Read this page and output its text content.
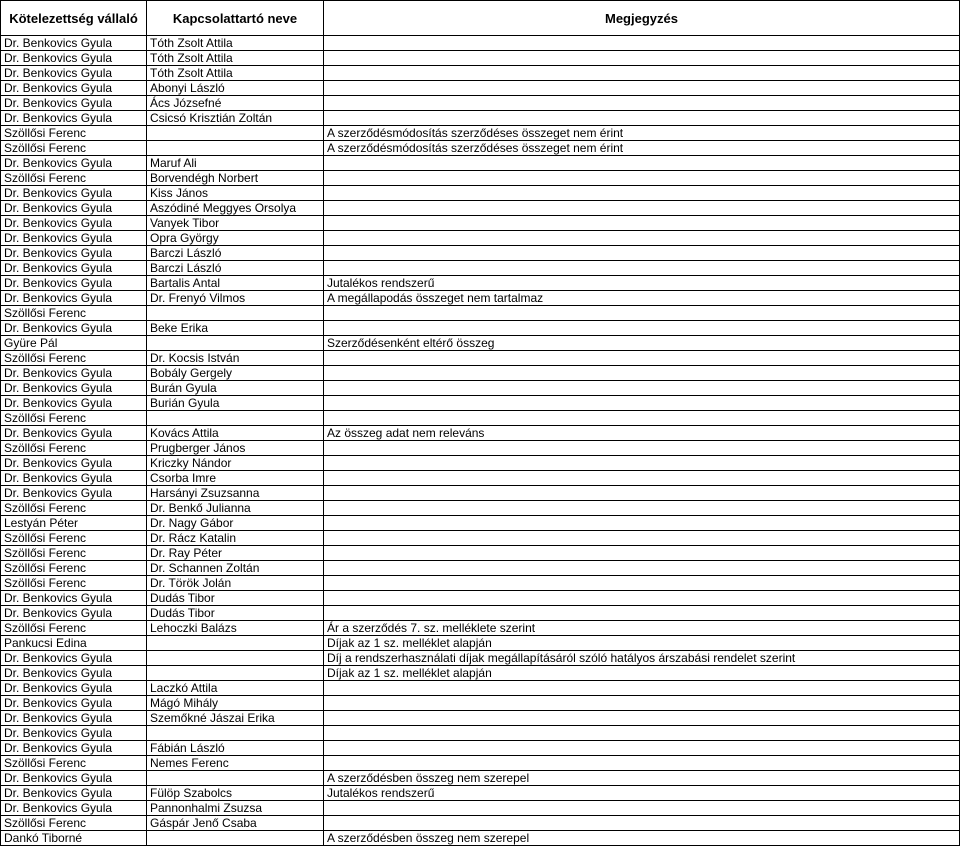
Kötelezettség vállaló	Kapcsolattartó neve	Megjegyzés
Dr. Benkovics Gyula	Tóth Zsolt Attila	
Dr. Benkovics Gyula	Tóth Zsolt Attila	
Dr. Benkovics Gyula	Tóth Zsolt Attila	
Dr. Benkovics Gyula	Abonyi László	
Dr. Benkovics Gyula	Ács Józsefné	
Dr. Benkovics Gyula	Csicsó Krisztián Zoltán	
Szöllősi Ferenc		A szerződésmódosítás szerződéses összeget nem érint
Szöllősi Ferenc		A szerződésmódosítás szerződéses összeget nem érint
Dr. Benkovics Gyula	Maruf Ali	
Szöllősi Ferenc	Borvendégh Norbert	
Dr. Benkovics Gyula	Kiss János	
Dr. Benkovics Gyula	Aszódiné Meggyes Orsolya	
Dr. Benkovics Gyula	Vanyek Tibor	
Dr. Benkovics Gyula	Opra György	
Dr. Benkovics Gyula	Barczi László	
Dr. Benkovics Gyula	Barczi László	
Dr. Benkovics Gyula	Bartalis Antal	Jutalékos rendszerű
Dr. Benkovics Gyula	Dr. Frenyó Vilmos	A megállapodás összeget nem tartalmaz
Szöllősi Ferenc		
Dr. Benkovics Gyula	Beke Erika	
Gyüre Pál		Szerződésenként eltérő összeg
Szöllősi Ferenc	Dr. Kocsis István	
Dr. Benkovics Gyula	Bobály Gergely	
Dr. Benkovics Gyula	Burán Gyula	
Dr. Benkovics Gyula	Burián Gyula	
Szöllősi Ferenc		
Dr. Benkovics Gyula	Kovács Attila	Az összeg adat nem releváns
Szöllősi Ferenc	Prugberger János	
Dr. Benkovics Gyula	Kriczky Nándor	
Dr. Benkovics Gyula	Csorba Imre	
Dr. Benkovics Gyula	Harsányi Zsuzsanna	
Szöllősi Ferenc	Dr. Benkő Julianna	
Lestyán Péter	Dr. Nagy Gábor	
Szöllősi Ferenc	Dr. Rácz Katalin	
Szöllősi Ferenc	Dr. Ray Péter	
Szöllősi Ferenc	Dr. Schannen Zoltán	
Szöllősi Ferenc	Dr. Török Jolán	
Dr. Benkovics Gyula	Dudás Tibor	
Dr. Benkovics Gyula	Dudás Tibor	
Szöllősi Ferenc	Lehoczki Balázs	Ár a szerződés 7. sz. melléklete szerint
Pankucsi Edina		Díjak az 1 sz. melléklet alapján
Dr. Benkovics Gyula		Díj a rendszerhasználati díjak megállapításáról szóló hatályos árszabási rendelet szerint
Dr. Benkovics Gyula		Díjak az 1 sz. melléklet alapján
Dr. Benkovics Gyula	Laczkó Attila	
Dr. Benkovics Gyula	Mágó Mihály	
Dr. Benkovics Gyula	Szemőkné Jászai Erika	
Dr. Benkovics Gyula		
Dr. Benkovics Gyula	Fábián László	
Szöllősi Ferenc	Nemes Ferenc	
Dr. Benkovics Gyula		A szerződésben összeg nem szerepel
Dr. Benkovics Gyula	Fülöp Szabolcs	Jutalékos rendszerű
Dr. Benkovics Gyula	Pannonhalmi Zsuzsa	
Szöllősi Ferenc	Gáspár Jenő Csaba	
Dankó Tiborné		A szerződésben összeg nem szerepel
